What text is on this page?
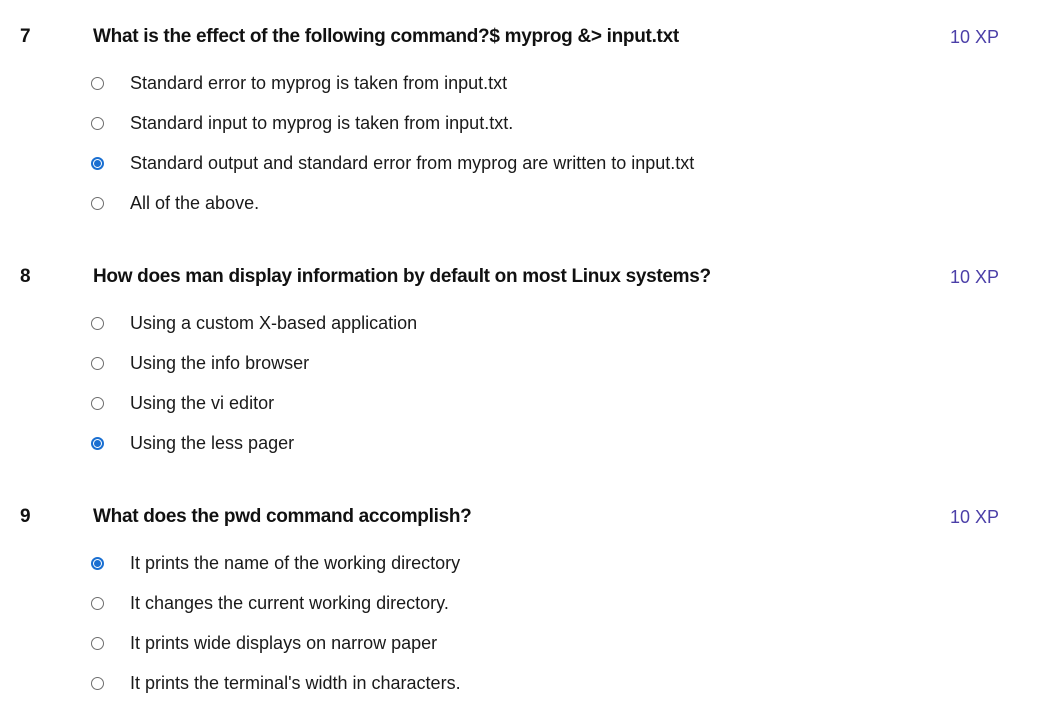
7	What is the effect of the following command?$ myprog &> input.txt	10 XP
Standard error to myprog is taken from input.txt
Standard input to myprog is taken from input.txt.
Standard output and standard error from myprog are written to input.txt
All of the above.
8	How does man display information by default on most Linux systems?	10 XP
Using a custom X-based application
Using the info browser
Using the vi editor
Using the less pager
9	What does the pwd command accomplish?	10 XP
It prints the name of the working directory
It changes the current working directory.
It prints wide displays on narrow paper
It prints the terminal's width in characters.
